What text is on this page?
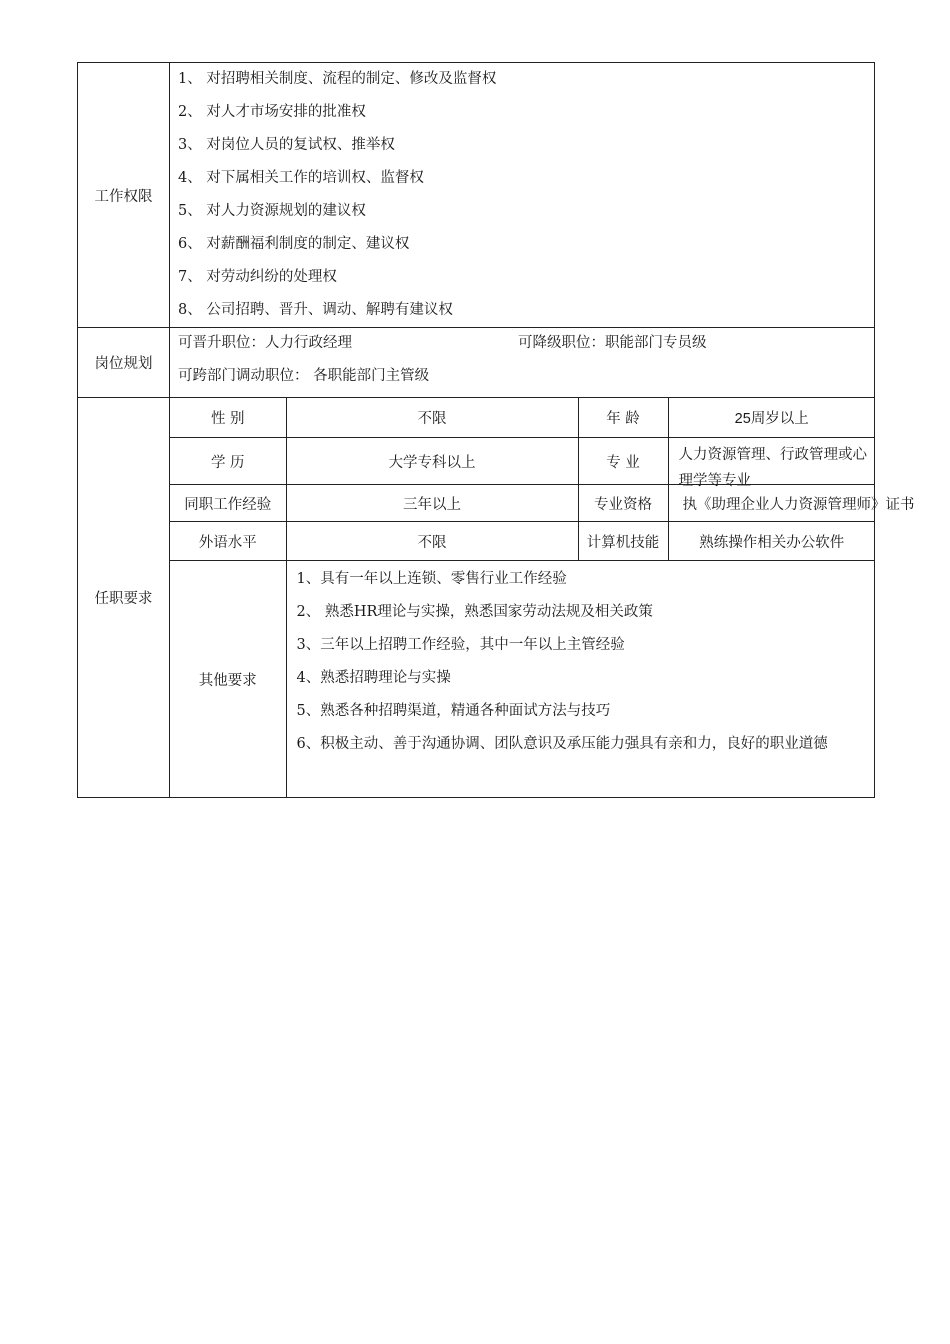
工作权限	
1、 对招聘相关制度、流程的制定、修改及监督权
2、 对人才市场安排的批准权
3、 对岗位人员的复试权、推举权
4、 对下属相关工作的培训权、监督权
5、 对人力资源规划的建议权
6、 对薪酬福利制度的制定、建议权
7、 对劳动纠纷的处理权
8、 公司招聘、晋升、调动、解聘有建议权

岗位规划	
可晋升职位：人力行政经理	可降级职位：职能部门专员级
可跨部门调动职位： 各职能部门主管级

任职要求	
性 别	不限	年 龄	25周岁以上
学 历	大学专科以上	专 业	人力资源管理、行政管理或心理学等专业

同职工作经验	三年以上	专业资格	执《助理企业人力资源管理师》证书

外语水平	不限	计算机技能	熟练操作相关办公软件
其他要求	
1、具有一年以上连锁、零售行业工作经验
2、 熟悉HR理论与实操，熟悉国家劳动法规及相关政策
3、三年以上招聘工作经验，其中一年以上主管经验
4、熟悉招聘理论与实操
5、熟悉各种招聘渠道，精通各种面试方法与技巧
6、积极主动、善于沟通协调、团队意识及承压能力强具有亲和力，良好的职业道德
